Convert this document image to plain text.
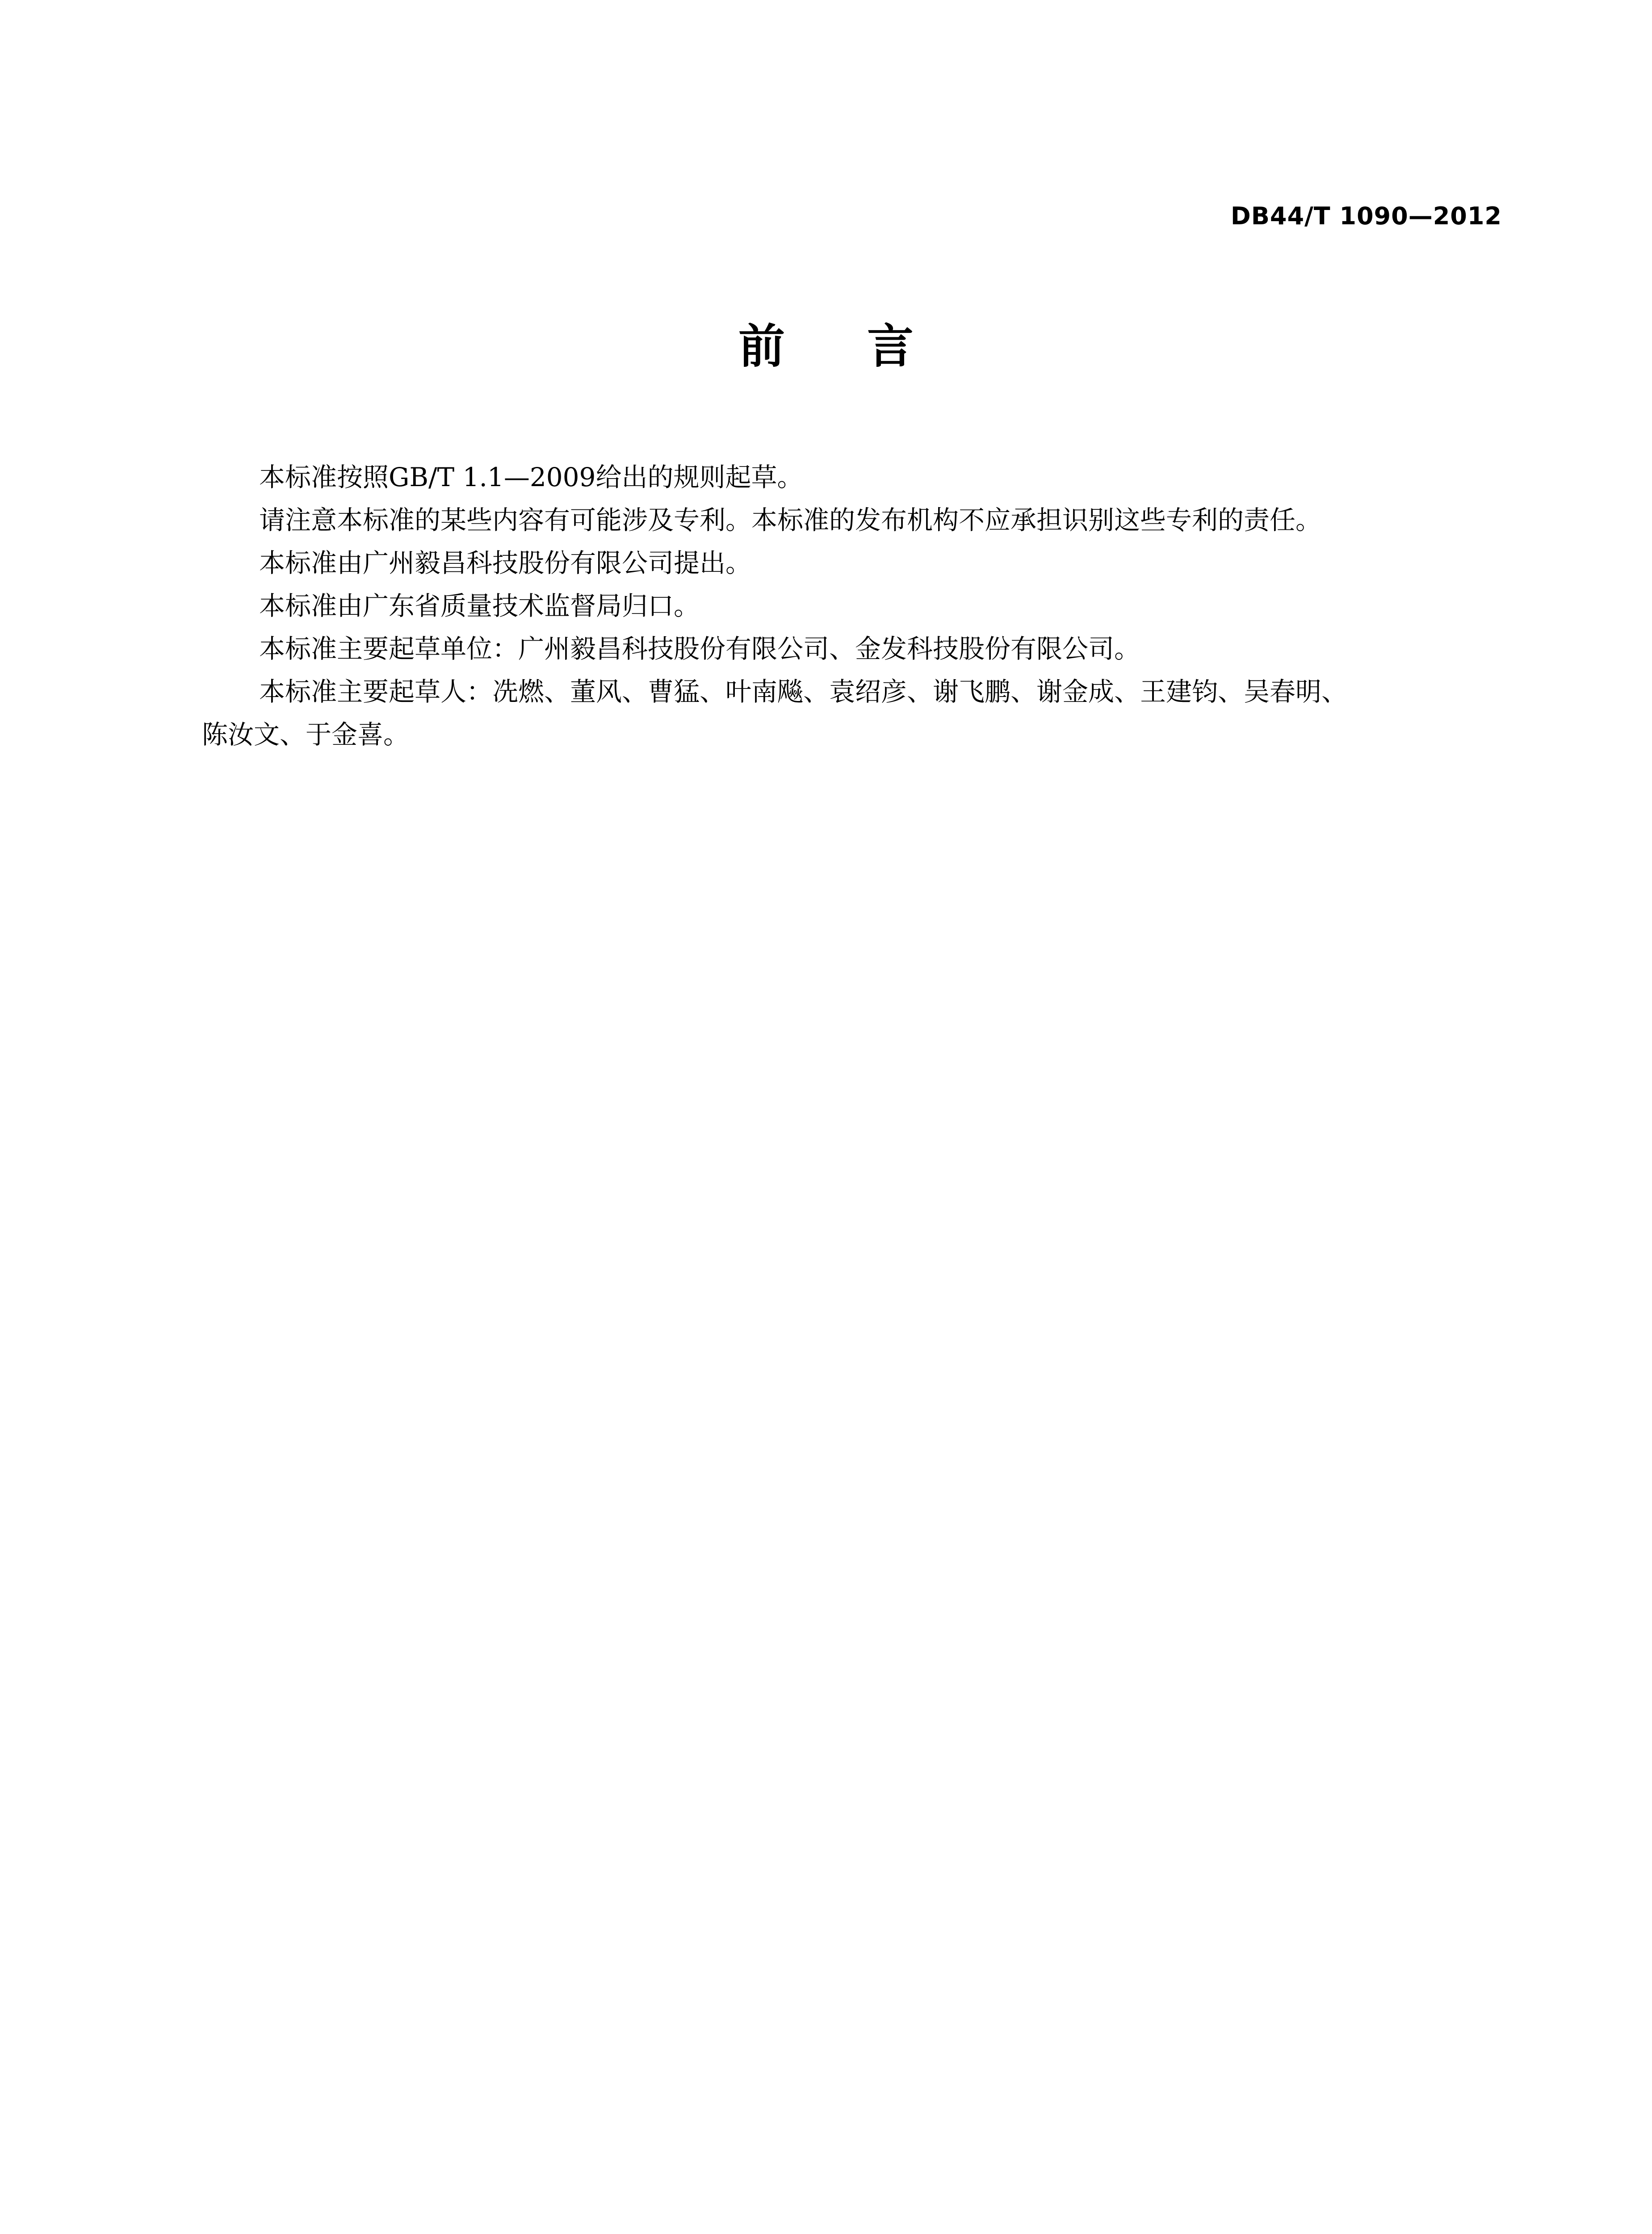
DB44/T 1090—2012
前 言

本标准按照GB/T 1.1—2009给出的规则起草。

请注意本标准的某些内容有可能涉及专利。本标准的发布机构不应承担识别这些专利的责任。

本标准由广州毅昌科技股份有限公司提出。

本标准由广东省质量技术监督局归口。

本标准主要起草单位：广州毅昌科技股份有限公司、金发科技股份有限公司。

本标准主要起草人：冼燃、董风、曹猛、叶南飚、袁绍彦、谢飞鹏、谢金成、王建钧、吴春明、

陈汝文、于金喜。
